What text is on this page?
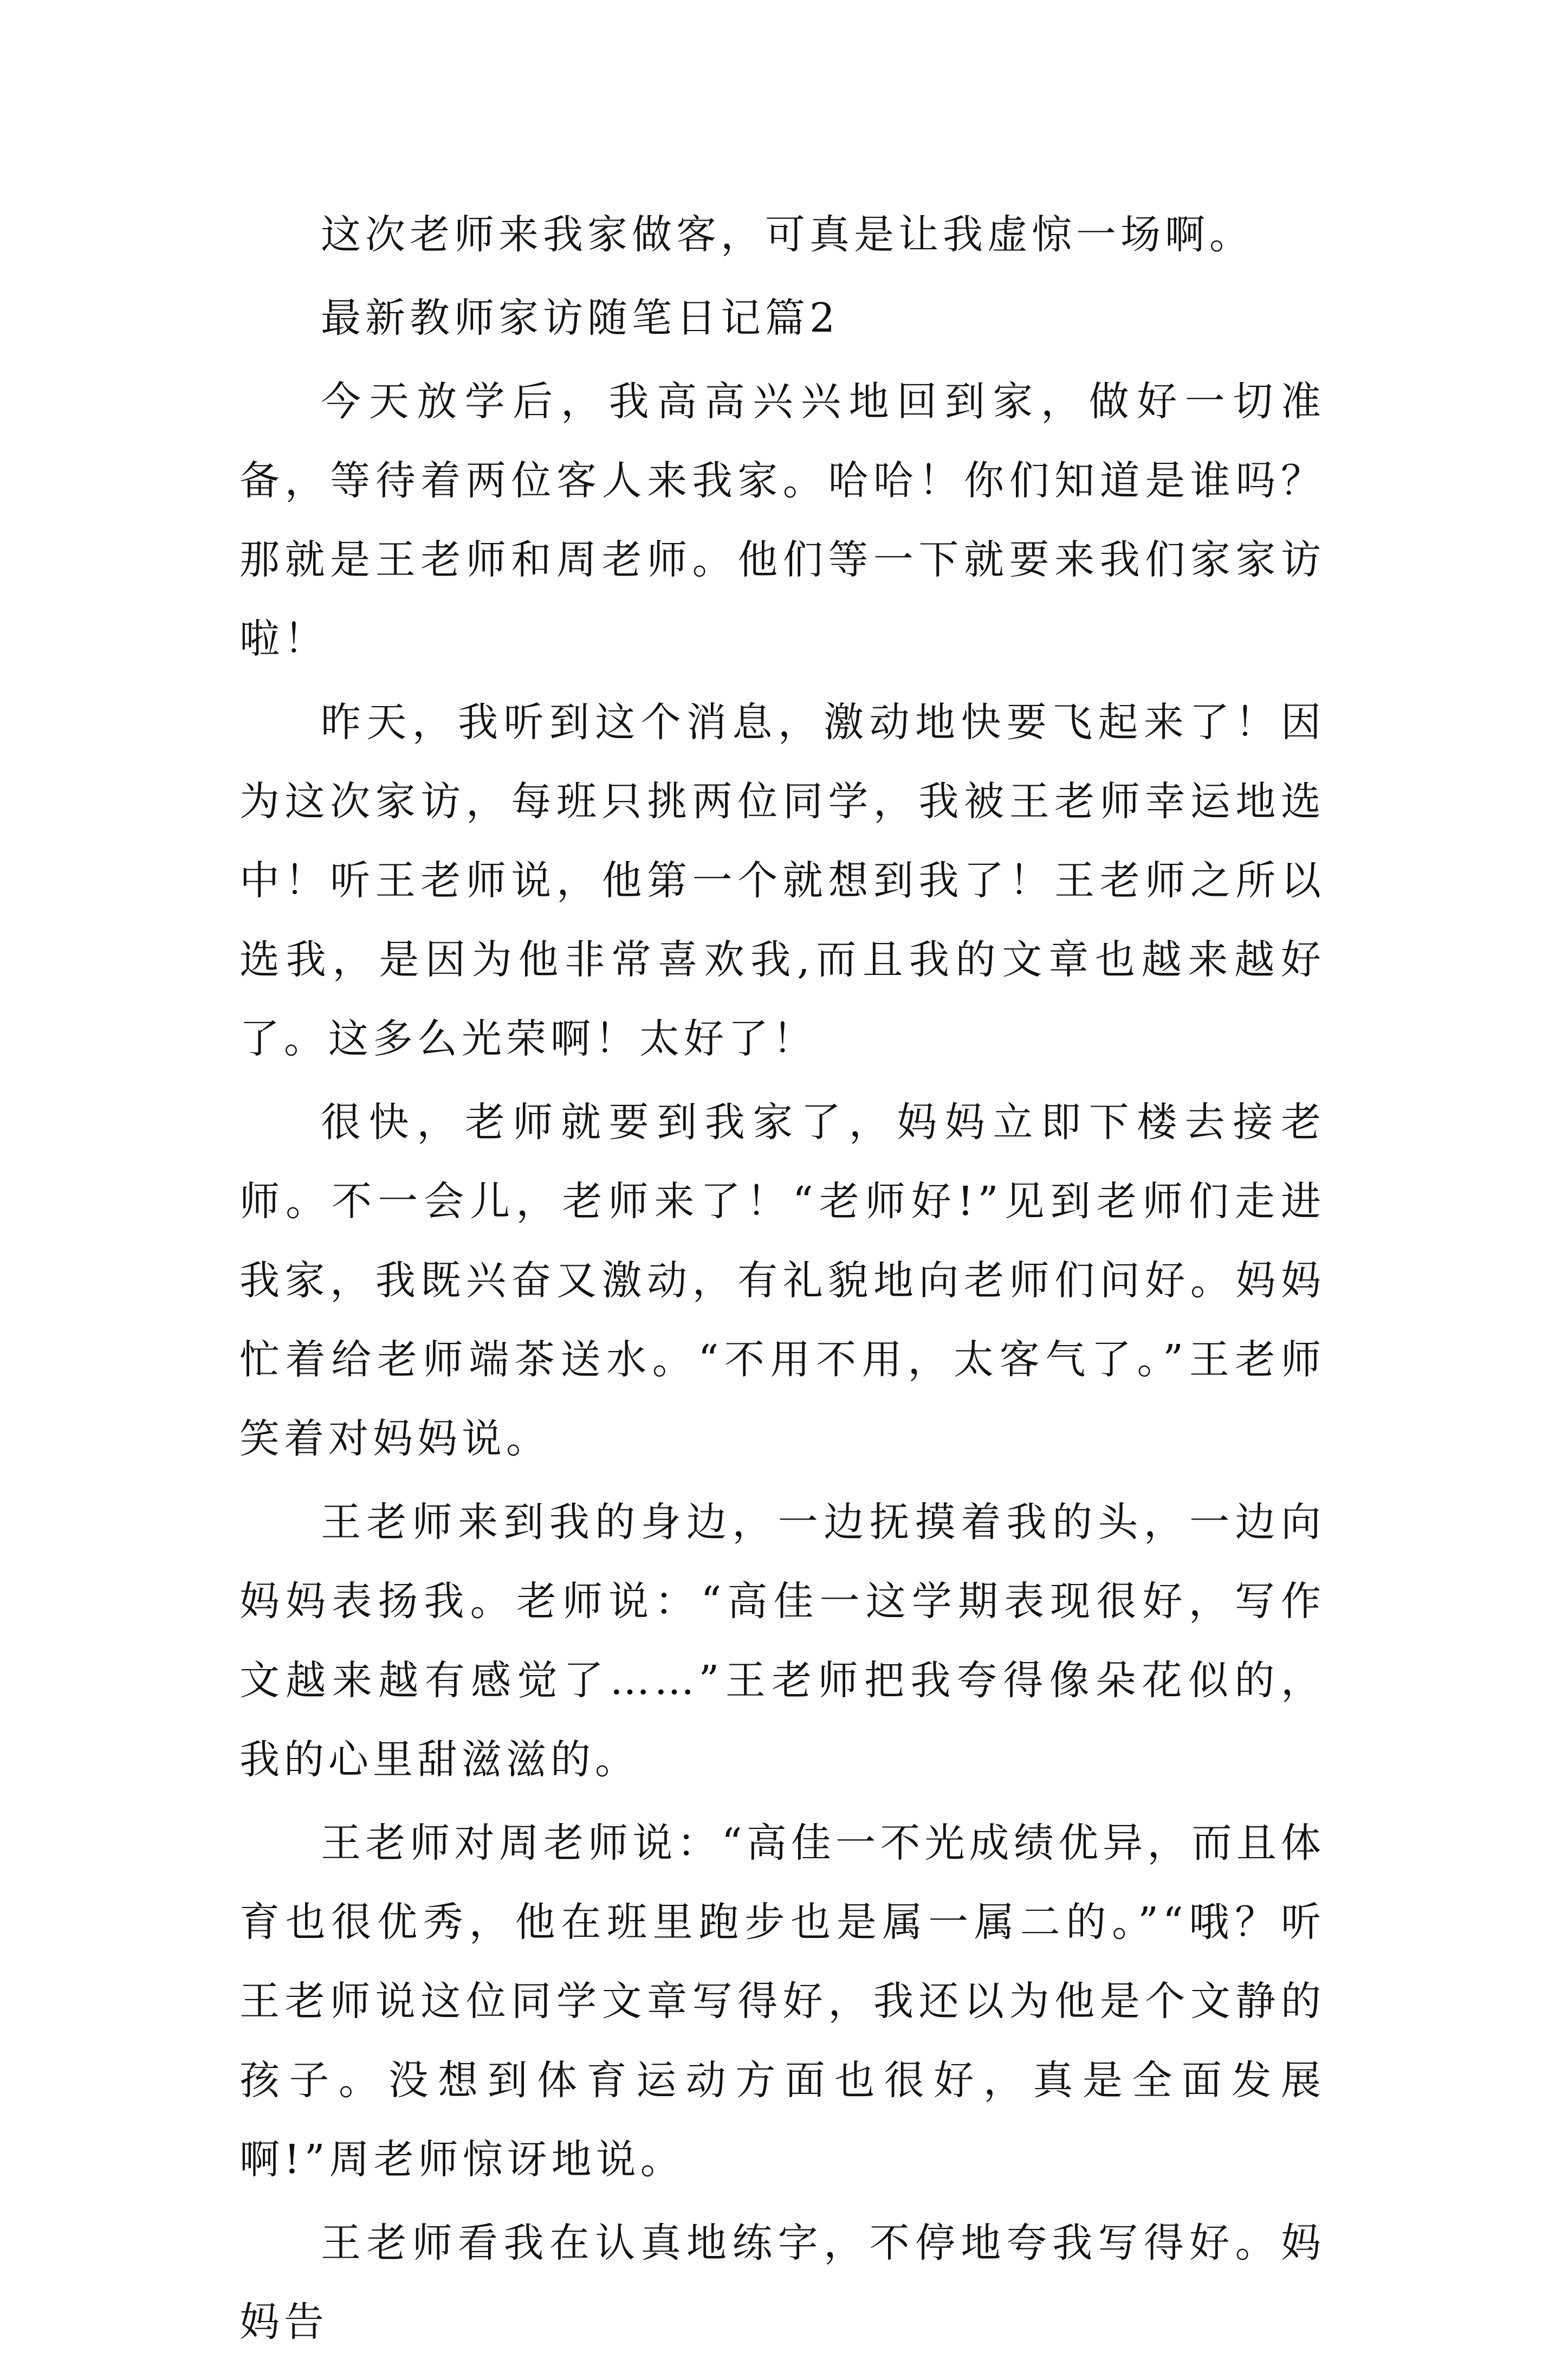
这次老师来我家做客，可真是让我虚惊一场啊。

最新教师家访随笔日记篇2

今天放学后，我高高兴兴地回到家，做好一切准备，等待着两位客人来我家。哈哈！你们知道是谁吗？那就是王老师和周老师。他们等一下就要来我们家家访啦！

昨天，我听到这个消息，激动地快要飞起来了！因为这次家访，每班只挑两位同学，我被王老师幸运地选中！听王老师说，他第一个就想到我了！王老师之所以选我，是因为他非常喜欢我,而且我的文章也越来越好了。这多么光荣啊！太好了！

很快，老师就要到我家了，妈妈立即下楼去接老师。不一会儿，老师来了！“老师好!”见到老师们走进我家，我既兴奋又激动，有礼貌地向老师们问好。妈妈忙着给老师端茶送水。“不用不用，太客气了。”王老师笑着对妈妈说。

王老师来到我的身边，一边抚摸着我的头，一边向妈妈表扬我。老师说：“高佳一这学期表现很好，写作文越来越有感觉了……”王老师把我夸得像朵花似的，我的心里甜滋滋的。

王老师对周老师说：“高佳一不光成绩优异，而且体育也很优秀，他在班里跑步也是属一属二的。”“哦？听王老师说这位同学文章写得好，我还以为他是个文静的孩子。没想到体育运动方面也很好，真是全面发展啊!”周老师惊讶地说。

王老师看我在认真地练字，不停地夸我写得好。妈妈告
